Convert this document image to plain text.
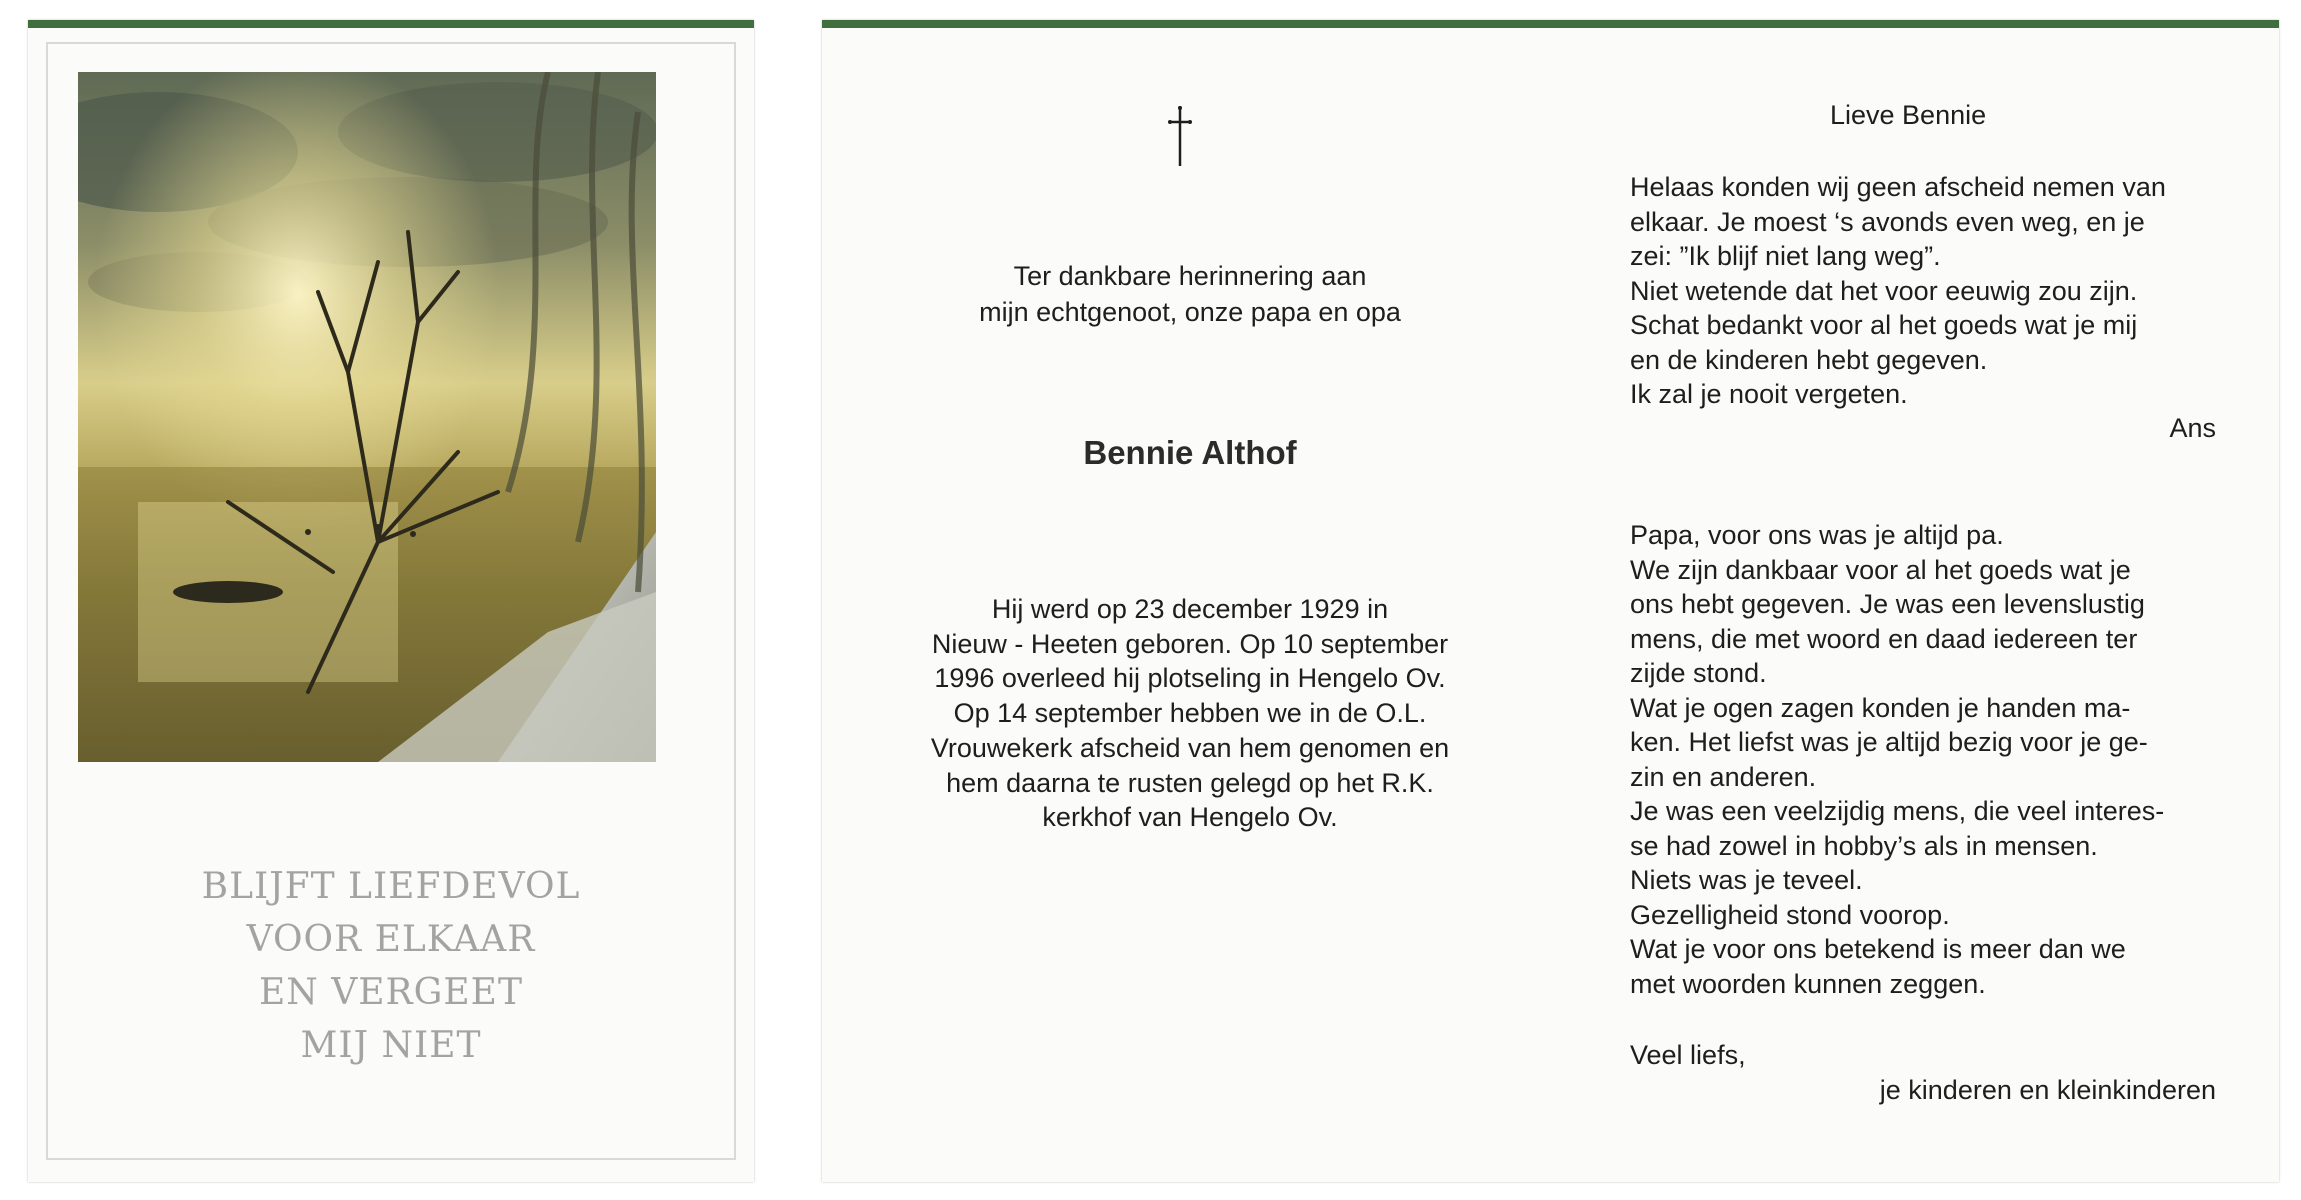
BLIJFT LIEFDEVOL
VOOR ELKAAR
EN VERGEET
MIJ NIET
Ter dankbare herinnering aan
mijn echtgenoot, onze papa en opa
Bennie Althof
Hij werd op 23 december 1929 in
Nieuw - Heeten geboren. Op 10 september
1996 overleed hij plotseling in Hengelo Ov.
Op 14 september hebben we in de O.L.
Vrouwekerk afscheid van hem genomen en
hem daarna te rusten gelegd op het R.K.
kerkhof van Hengelo Ov.
Lieve Bennie
Helaas konden wij geen afscheid nemen van
elkaar. Je moest ‘s avonds even weg, en je
zei: ”Ik blijf niet lang weg”.
Niet wetende dat het voor eeuwig zou zijn.
Schat bedankt voor al het goeds wat je mij
en de kinderen hebt gegeven.
Ik zal je nooit vergeten.
Ans
Papa, voor ons was je altijd pa.
We zijn dankbaar voor al het goeds wat je
ons hebt gegeven. Je was een levenslustig
mens, die met woord en daad iedereen ter
zijde stond.
Wat je ogen zagen konden je handen ma-
ken. Het liefst was je altijd bezig voor je ge-
zin en anderen.
Je was een veelzijdig mens, die veel interes-
se had zowel in hobby’s als in mensen.
Niets was je teveel.
Gezelligheid stond voorop.
Wat je voor ons betekend is meer dan we
met woorden kunnen zeggen.
Veel liefs,
je kinderen en kleinkinderen
